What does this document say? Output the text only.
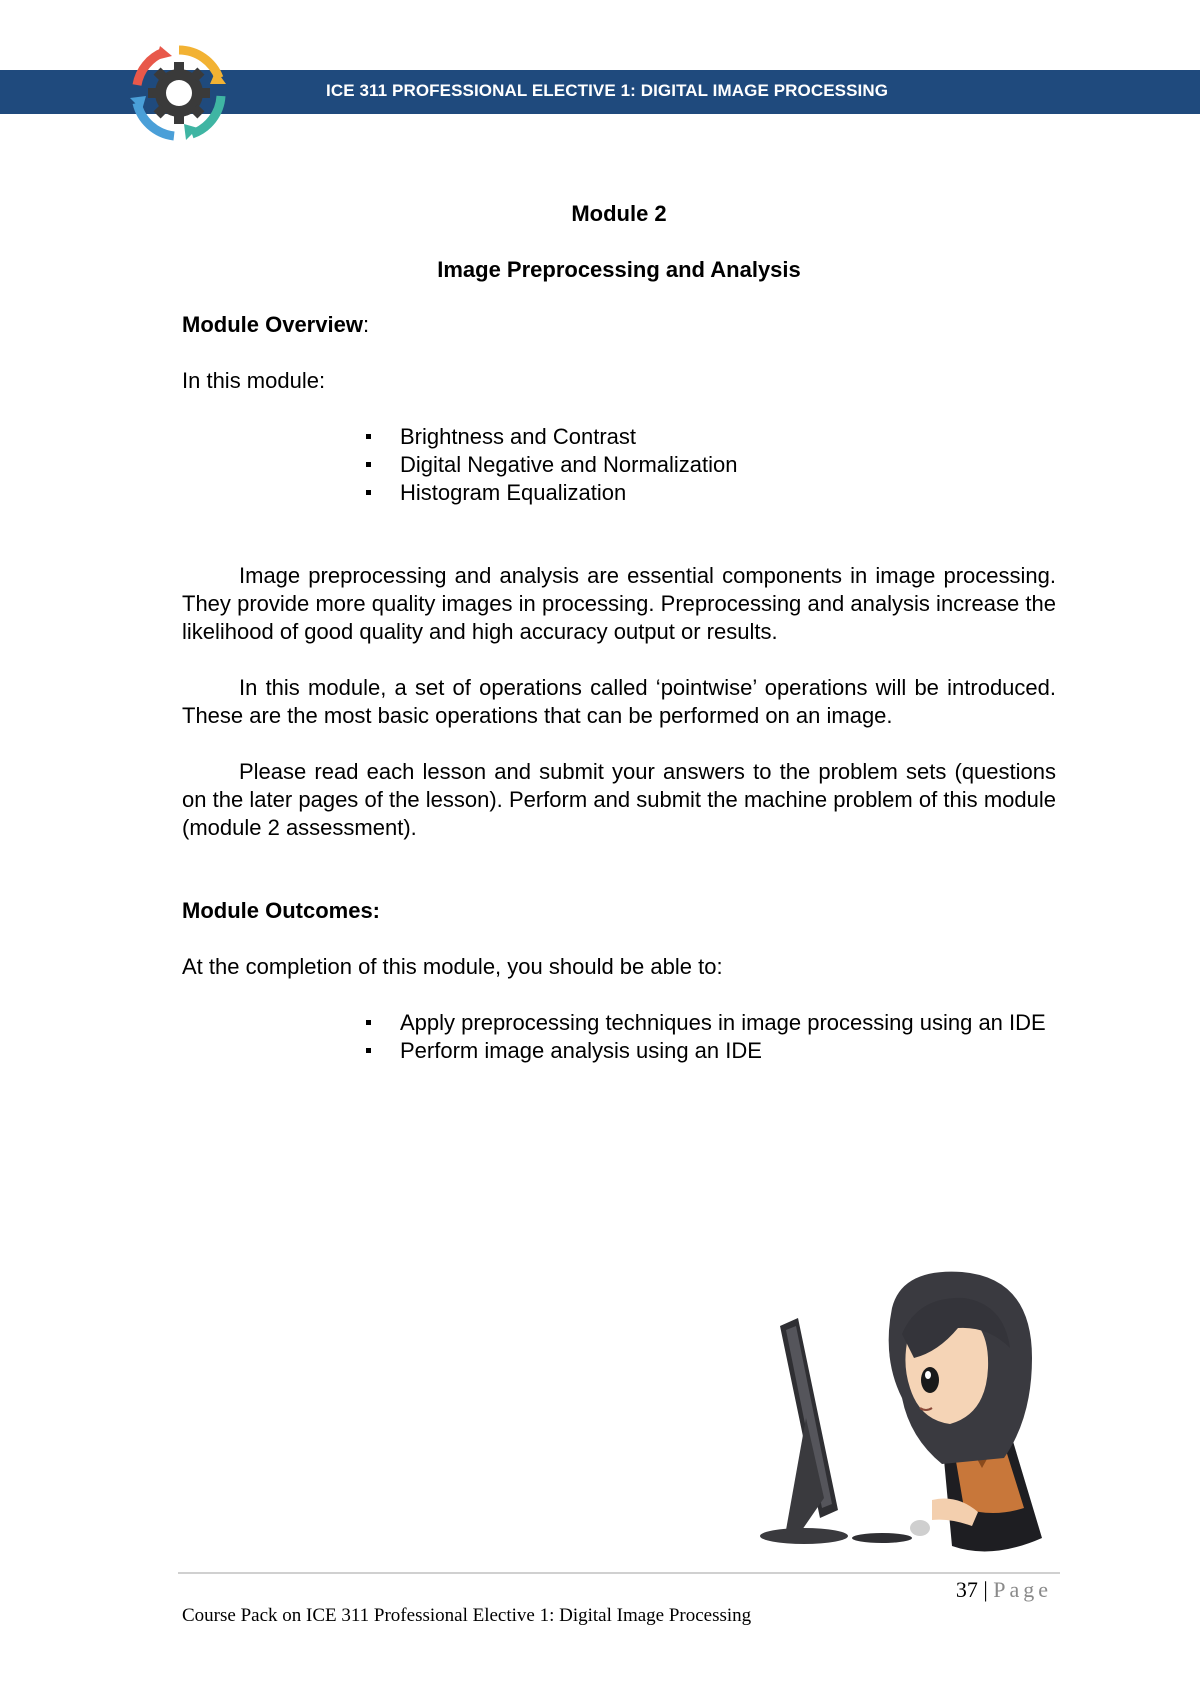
ICE 311 PROFESSIONAL ELECTIVE 1: DIGITAL IMAGE PROCESSING

Module 2

Image Preprocessing and Analysis

Module Overview:

In this module:

Brightness and Contrast
Digital Negative and Normalization
Histogram Equalization

Image preprocessing and analysis are essential components in image processing. They provide more quality images in processing. Preprocessing and analysis increase the likelihood of good quality and high accuracy output or results.

In this module, a set of operations called ‘pointwise’ operations will be introduced. These are the most basic operations that can be performed on an image.

Please read each lesson and submit your answers to the problem sets (questions on the later pages of the lesson). Perform and submit the machine problem of this module (module 2 assessment).

Module Outcomes:

At the completion of this module, you should be able to:

Apply preprocessing techniques in image processing using an IDE
Perform image analysis using an IDE
37 | Page
Course Pack on ICE 311 Professional Elective 1: Digital Image Processing
